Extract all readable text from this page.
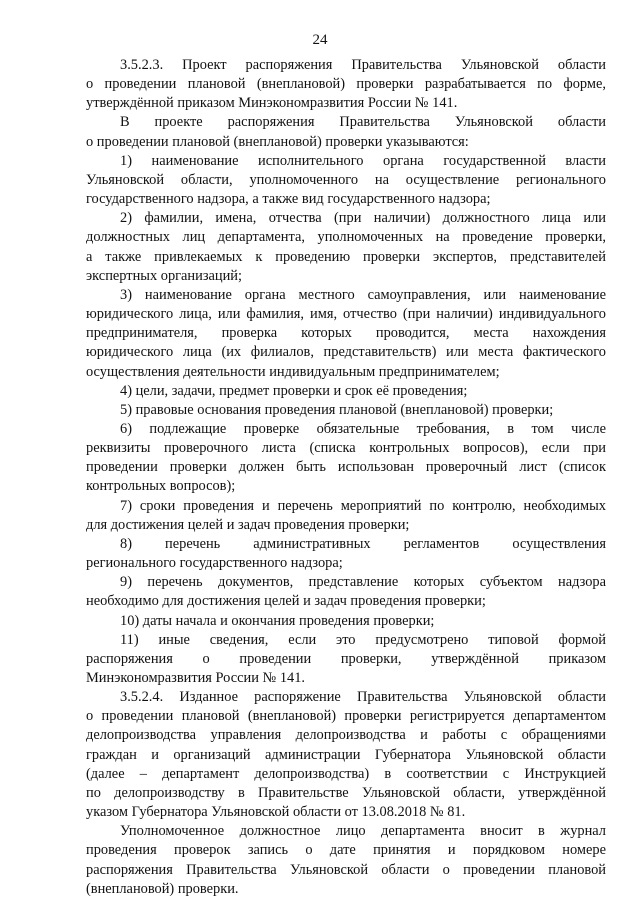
24

3.5.2.3. Проект распоряжения Правительства Ульяновской области
о проведении плановой (внеплановой) проверки разрабатывается по форме,
утверждённой приказом Минэкономразвития России № 141.

В проекте распоряжения Правительства Ульяновской области
о проведении плановой (внеплановой) проверки указываются:

1) наименование исполнительного органа государственной власти
Ульяновской области, уполномоченного на осуществление регионального
государственного надзора, а также вид государственного надзора;

2) фамилии, имена, отчества (при наличии) должностного лица или
должностных лиц департамента, уполномоченных на проведение проверки,
а также привлекаемых к проведению проверки экспертов, представителей
экспертных организаций;

3) наименование органа местного самоуправления, или наименование
юридического лица, или фамилия, имя, отчество (при наличии) индивидуального
предпринимателя, проверка которых проводится, места нахождения
юридического лица (их филиалов, представительств) или места фактического
осуществления деятельности индивидуальным предпринимателем;

4) цели, задачи, предмет проверки и срок её проведения;

5) правовые основания проведения плановой (внеплановой) проверки;

6) подлежащие проверке обязательные требования, в том числе
реквизиты проверочного листа (списка контрольных вопросов), если при
проведении проверки должен быть использован проверочный лист (список
контрольных вопросов);

7) сроки проведения и перечень мероприятий по контролю, необходимых
для достижения целей и задач проведения проверки;

8) перечень административных регламентов осуществления
регионального государственного надзора;

9) перечень документов, представление которых субъектом надзора
необходимо для достижения целей и задач проведения проверки;

10) даты начала и окончания проведения проверки;

11) иные сведения, если это предусмотрено типовой формой
распоряжения о проведении проверки, утверждённой приказом
Минэкономразвития России № 141.

3.5.2.4. Изданное распоряжение Правительства Ульяновской области
о проведении плановой (внеплановой) проверки регистрируется департаментом
делопроизводства управления делопроизводства и работы с обращениями
граждан и организаций администрации Губернатора Ульяновской области
(далее – департамент делопроизводства) в соответствии с Инструкцией
по делопроизводству в Правительстве Ульяновской области, утверждённой
указом Губернатора Ульяновской области от 13.08.2018 № 81.

Уполномоченное должностное лицо департамента вносит в журнал
проведения проверок запись о дате принятия и порядковом номере
распоряжения Правительства Ульяновской области о проведении плановой
(внеплановой) проверки.
